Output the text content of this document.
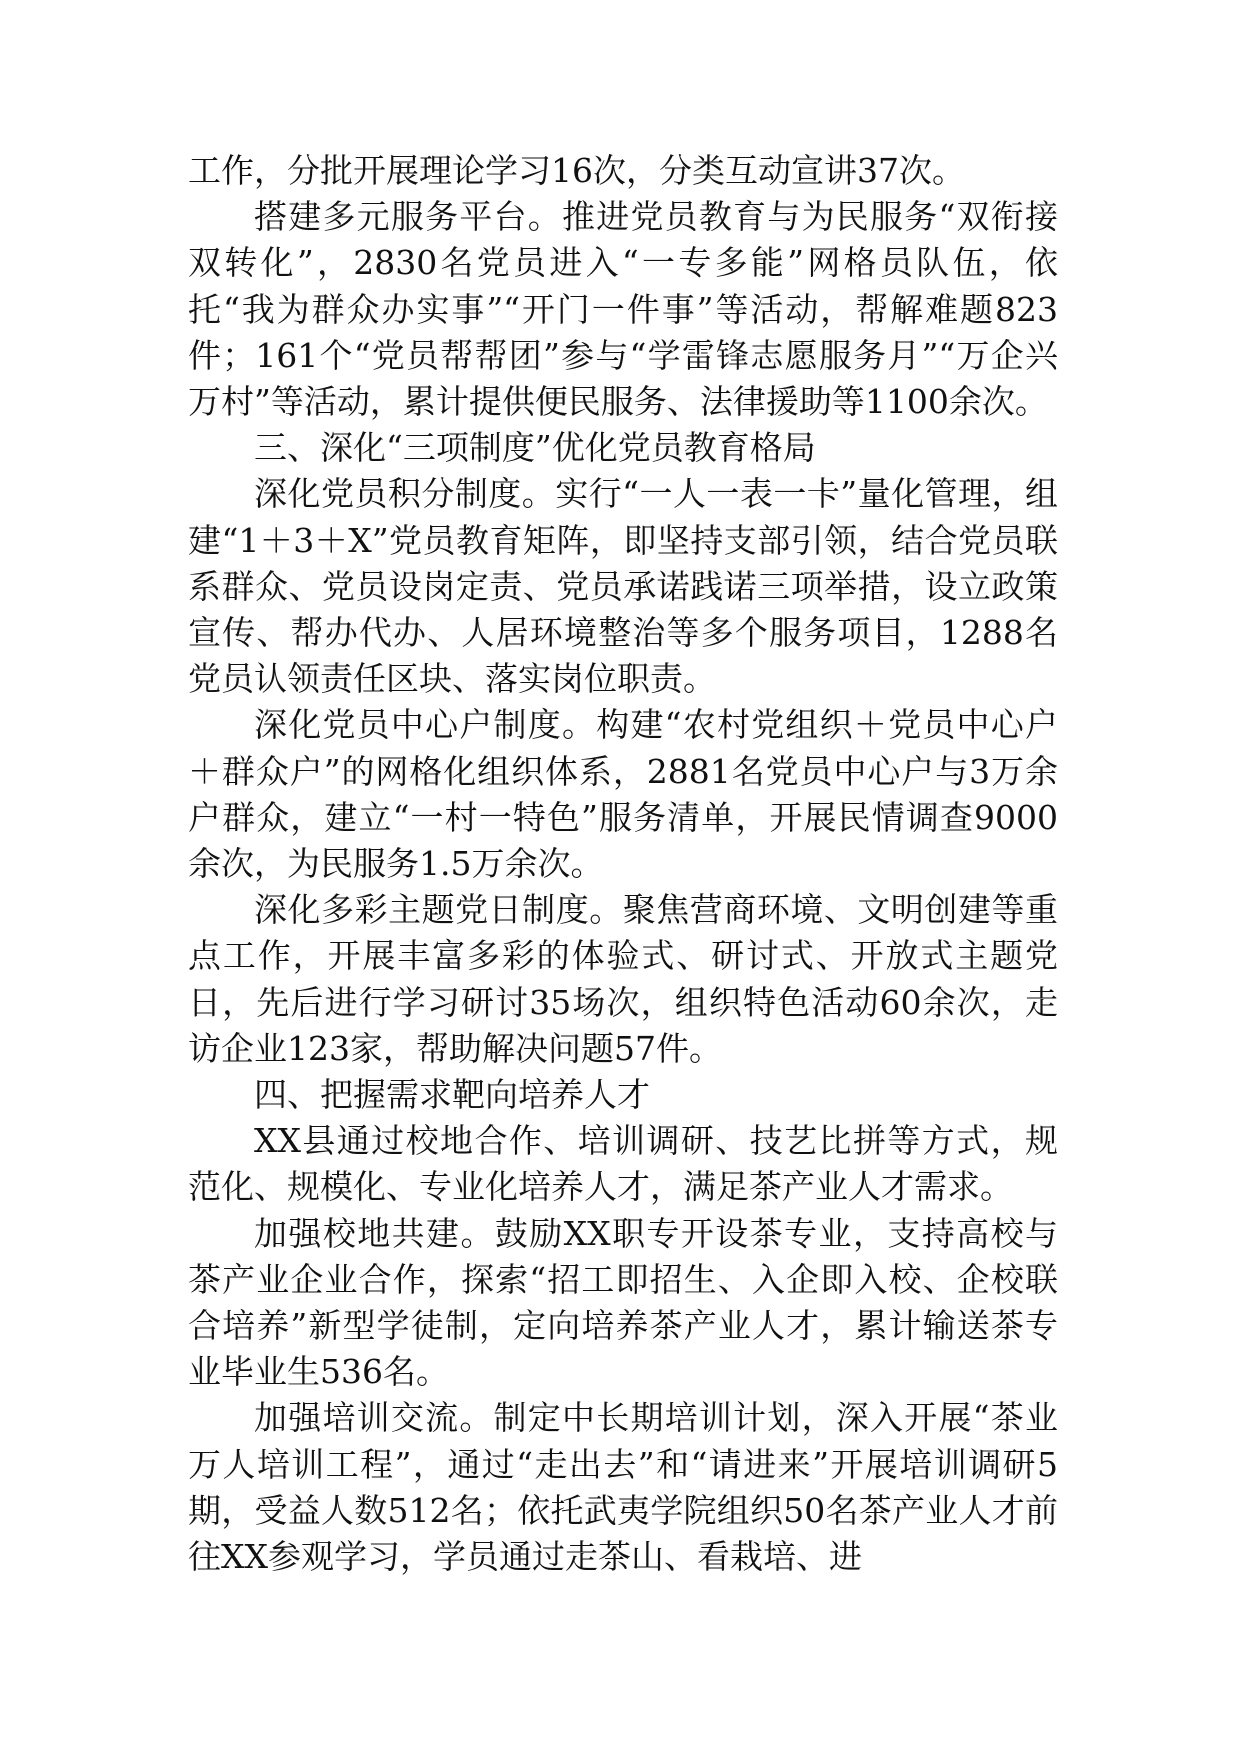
工作，分批开展理论学习16次，分类互动宣讲37次。

搭建多元服务平台。推进党员教育与为民服务“双衔接双转化”，2830名党员进入“一专多能”网格员队伍，依托“我为群众办实事”“开门一件事”等活动，帮解难题823件；161个“党员帮帮团”参与“学雷锋志愿服务月”“万企兴万村”等活动，累计提供便民服务、法律援助等1100余次。

三、深化“三项制度”优化党员教育格局

深化党员积分制度。实行“一人一表一卡”量化管理，组建“1＋3＋X”党员教育矩阵，即坚持支部引领，结合党员联系群众、党员设岗定责、党员承诺践诺三项举措，设立政策宣传、帮办代办、人居环境整治等多个服务项目，1288名党员认领责任区块、落实岗位职责。

深化党员中心户制度。构建“农村党组织＋党员中心户＋群众户”的网格化组织体系，2881名党员中心户与3万余户群众，建立“一村一特色”服务清单，开展民情调查9000余次，为民服务1.5万余次。

深化多彩主题党日制度。聚焦营商环境、文明创建等重点工作，开展丰富多彩的体验式、研讨式、开放式主题党日，先后进行学习研讨35场次，组织特色活动60余次，走访企业123家，帮助解决问题57件。

四、把握需求靶向培养人才

XX县通过校地合作、培训调研、技艺比拼等方式，规范化、规模化、专业化培养人才，满足茶产业人才需求。

加强校地共建。鼓励XX职专开设茶专业，支持高校与茶产业企业合作，探索“招工即招生、入企即入校、企校联合培养”新型学徒制，定向培养茶产业人才，累计输送茶专业毕业生536名。

加强培训交流。制定中长期培训计划，深入开展“茶业万人培训工程”，通过“走出去”和“请进来”开展培训调研5期，受益人数512名；依托武夷学院组织50名茶产业人才前往XX参观学习，学员通过走茶山、看栽培、进
